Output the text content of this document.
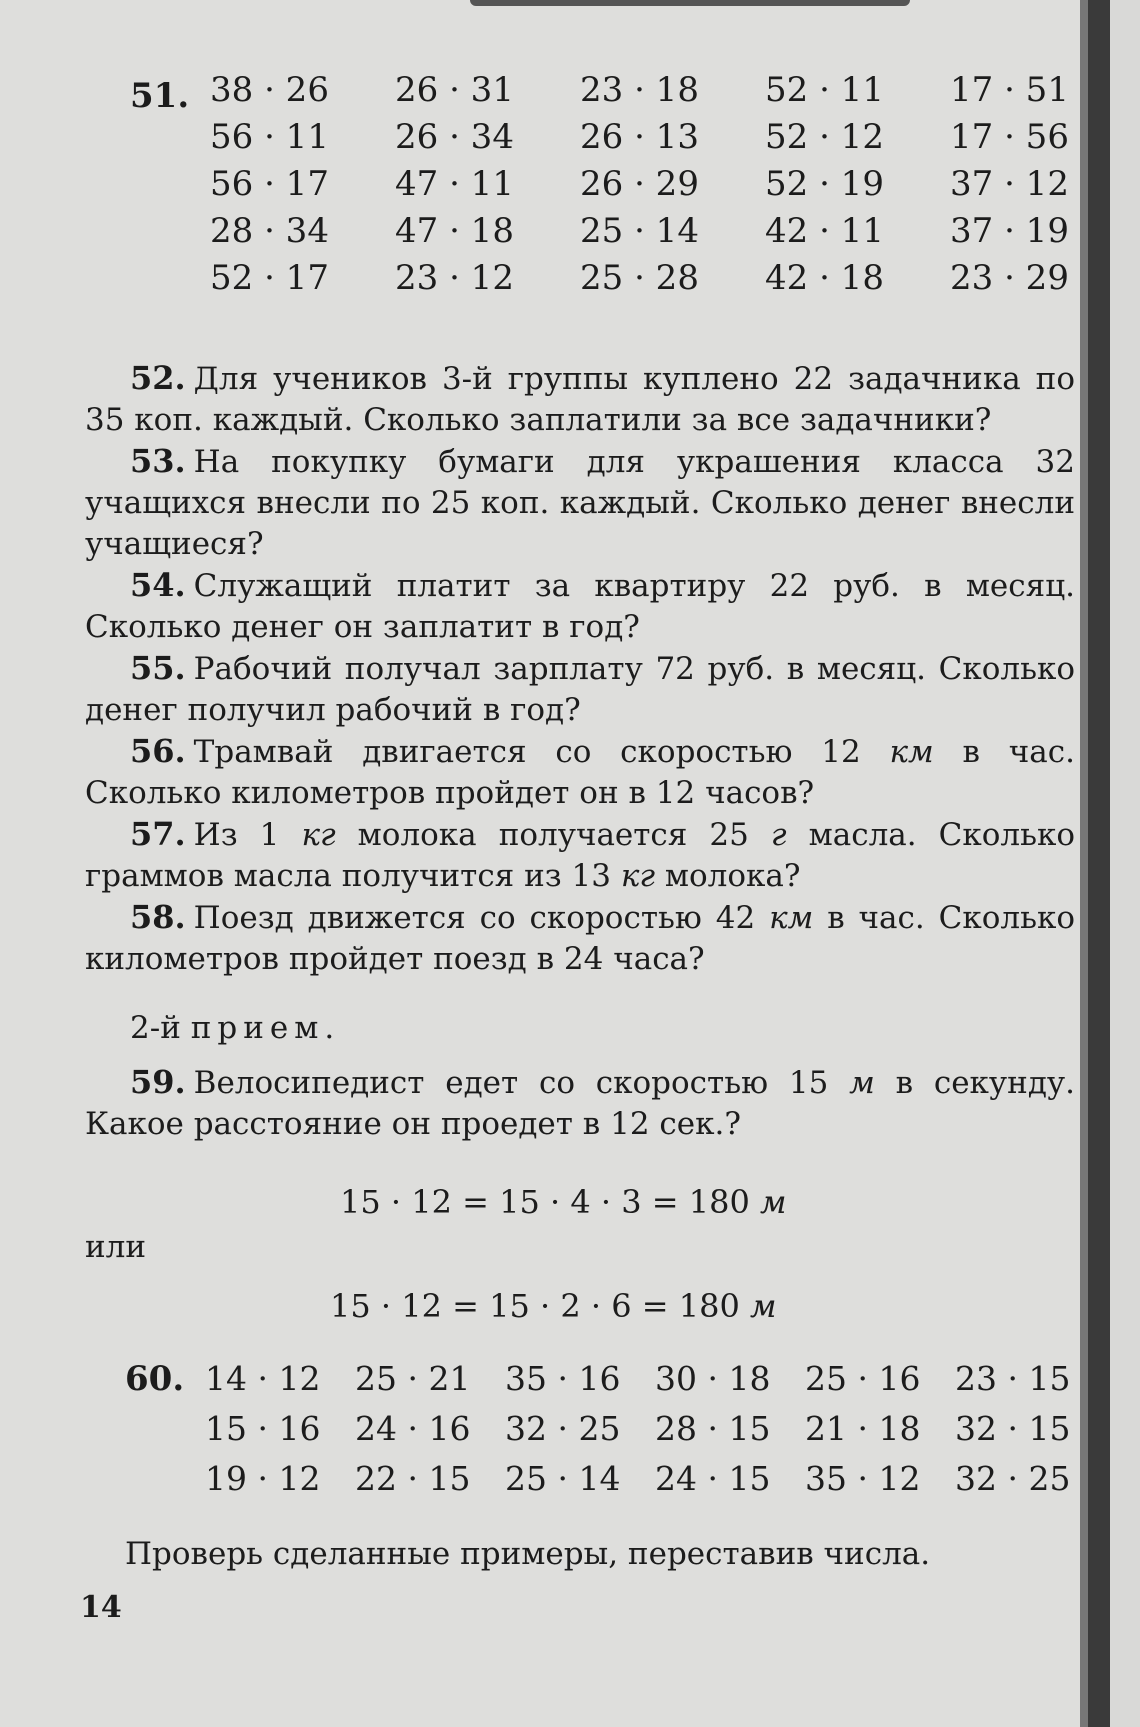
51. 38 · 26	26 · 31	23 · 18	52 · 11	17 · 51
56 · 11	26 · 34	26 · 13	52 · 12	17 · 56
56 · 17	47 · 11	26 · 29	52 · 19	37 · 12
28 · 34	47 · 18	25 · 14	42 · 11	37 · 19
52 · 17	23 · 12	25 · 28	42 · 18	23 · 29

52. Для учеников 3-й группы куплено 22 задачника по 35 коп. каждый. Сколько заплатили за все задачники?

53. На покупку бумаги для украшения класса 32 учащихся внесли по 25 коп. каждый. Сколько денег внесли учащиеся?

54. Служащий платит за квартиру 22 руб. в месяц. Сколько денег он заплатит в год?

55. Рабочий получал зарплату 72 руб. в месяц. Сколько денег получил рабочий в год?

56. Трамвай двигается со скоростью 12 км в час. Сколько километров пройдет он в 12 часов?

57. Из 1 кг молока получается 25 г масла. Сколько граммов масла получится из 13 кг молока?

58. Поезд движется со скоростью 42 км в час. Сколько километров пройдет поезд в 24 часа?

2-й прием.

59. Велосипедист едет со скоростью 15 м в секунду. Какое расстояние он проедет в 12 сек.?

15 · 12 = 15 · 4 · 3 = 180 м
или
15 · 12 = 15 · 2 · 6 = 180 м
60. 14 · 12	25 · 21	35 · 16	30 · 18	25 · 16	23 · 15
15 · 16	24 · 16	32 · 25	28 · 15	21 · 18	32 · 15
19 · 12	22 · 15	25 · 14	24 · 15	35 · 12	32 · 25
Проверь сделанные примеры, переставив числа.
14
